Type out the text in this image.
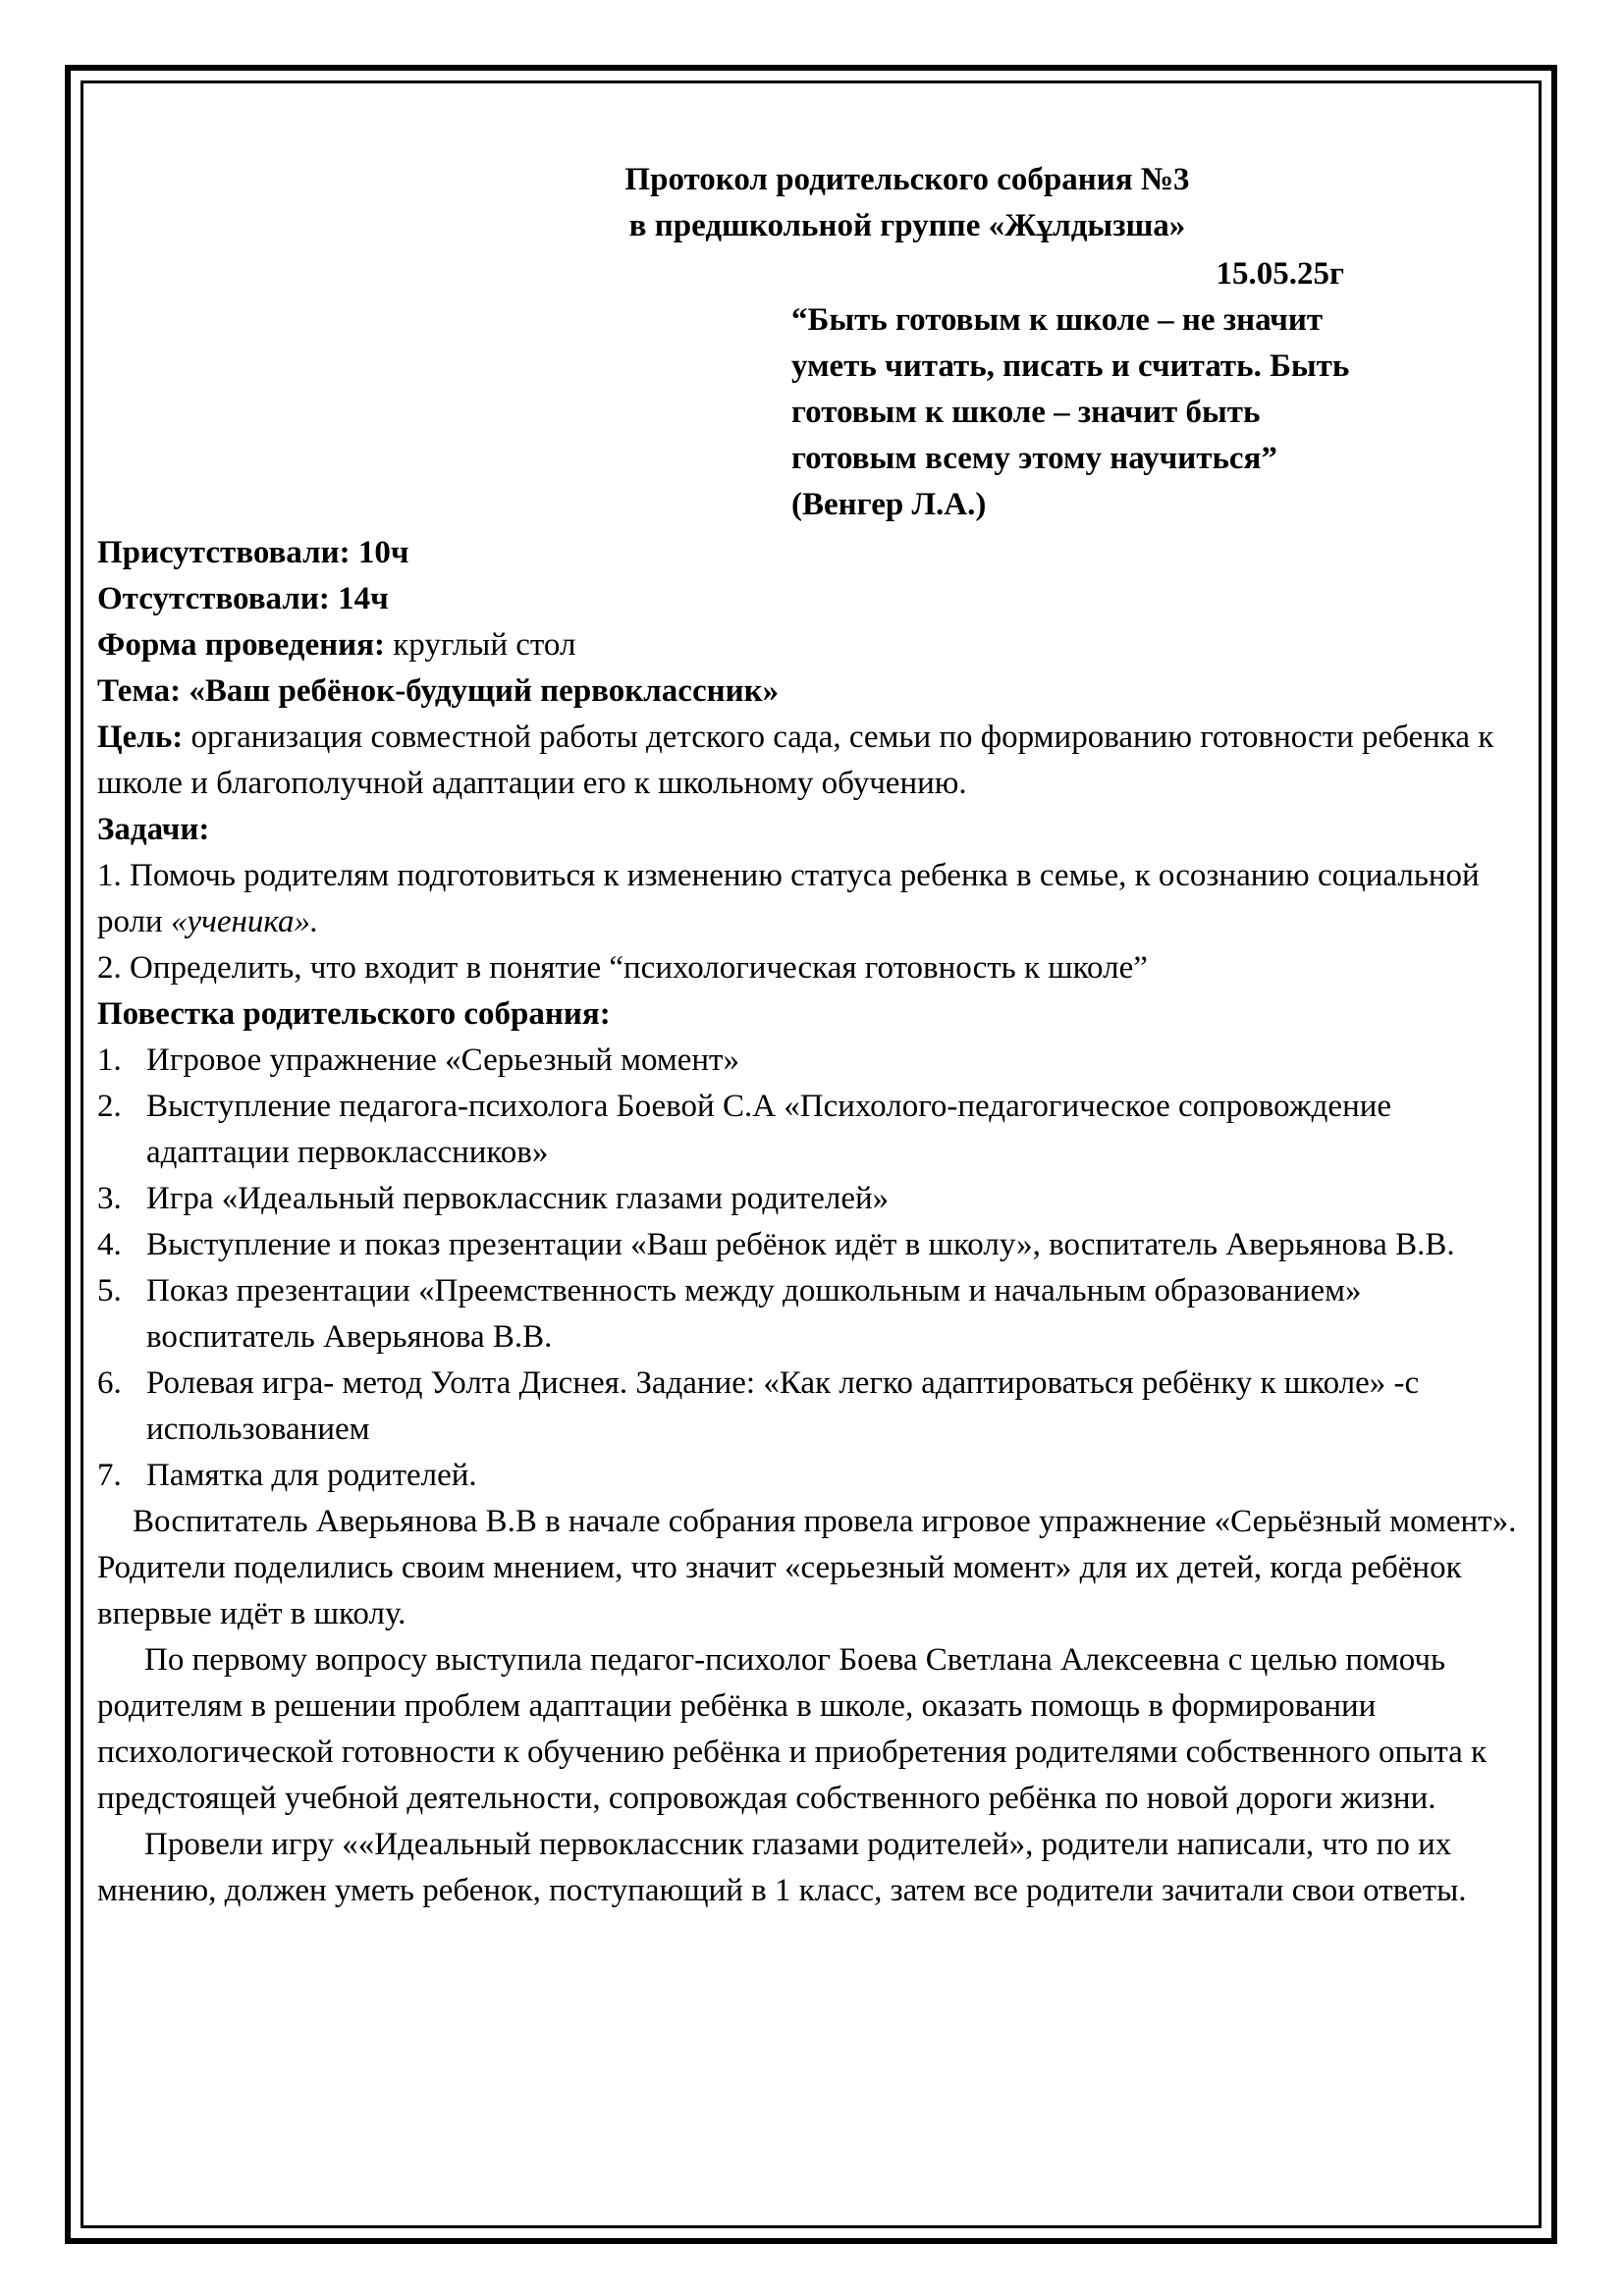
Протокол родительского собрания №3
в предшкольной группе «Жұлдызша»
15.05.25г
“Быть готовым к школе – не значит
уметь читать, писать и считать. Быть
готовым к школе – значит быть
готовым всему этому научиться”
(Венгер Л.А.)
Присутствовали: 10ч
Отсутствовали: 14ч
Форма проведения: круглый стол
Тема: «Ваш ребёнок-будущий первоклассник»
Цель: организация совместной работы детского сада, семьи по формированию готовности ребенка к школе и благополучной адаптации его к школьному обучению.
Задачи:
1. Помочь родителям подготовиться к изменению статуса ребенка в семье, к осознанию социальной роли «ученика».
2. Определить, что входит в понятие “психологическая готовность к школе”
Повестка родительского собрания:
1. Игровое упражнение «Серьезный момент»
2. Выступление педагога-психолога Боевой С.А «Психолого-педагогическое сопровождение адаптации первоклассников»
3. Игра «Идеальный первоклассник глазами родителей»
4. Выступление и показ презентации «Ваш ребёнок идёт в школу», воспитатель Аверьянова В.В.
5. Показ презентации «Преемственность между дошкольным и начальным образованием» воспитатель Аверьянова В.В.
6. Ролевая игра- метод Уолта Диснея. Задание: «Как легко адаптироваться ребёнку к школе» -с использованием
7. Памятка для родителей.
Воспитатель Аверьянова В.В в начале собрания провела игровое упражнение «Серьёзный момент». Родители поделились своим мнением, что значит «серьезный момент» для их детей, когда ребёнок впервые идёт в школу.
По первому вопросу выступила педагог-психолог Боева Светлана Алексеевна с целью помочь родителям в решении проблем адаптации ребёнка в школе, оказать помощь в формировании психологической готовности к обучению ребёнка и приобретения родителями собственного опыта к предстоящей учебной деятельности, сопровождая собственного ребёнка по новой дороги жизни.
Провели игру ««Идеальный первоклассник глазами родителей», родители написали, что по их мнению, должен уметь ребенок, поступающий в 1 класс, затем все родители зачитали свои ответы.
